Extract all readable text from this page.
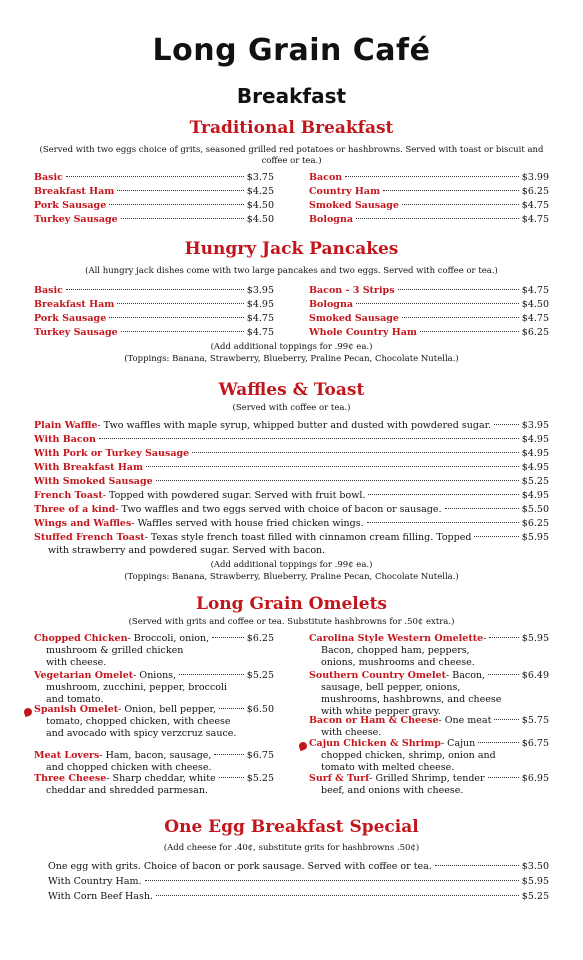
Long Grain Café
Breakfast
Traditional Breakfast
(Served with two eggs choice of grits, seasoned grilled red potatoes or hashbrowns. Served with toast or biscuit and coffee or tea.)
Basic	$3.75
Breakfast Ham	$4.25
Pork Sausage	$4.50
Turkey Sausage	$4.50
Bacon	$3.99
Country Ham	$6.25
Smoked Sausage	$4.75
Bologna	$4.75
Hungry Jack Pancakes
(All hungry jack dishes come with two large pancakes and two eggs. Served with coffee or tea.)
Basic	$3.95
Breakfast Ham	$4.95
Pork Sausage	$4.75
Turkey Sausage	$4.75
Bacon - 3 Strips	$4.75
Bologna	$4.50
Smoked Sausage	$4.75
Whole Country Ham	$6.25
(Add additional toppings for .99¢ ea.)
(Toppings: Banana, Strawberry, Blueberry, Praline Pecan, Chocolate Nutella.)
Waffles & Toast
(Served with coffee or tea.)
Plain Waffle - Two waffles with maple syrup, whipped butter and dusted with powdered sugar.	$3.95
With Bacon	$4.95
With Pork or Turkey Sausage	$4.95
With Breakfast Ham	$4.95
With Smoked Sausage	$5.25
French Toast - Topped with powdered sugar. Served with fruit bowl.	$4.95
Three of a kind - Two waffles and two eggs served with choice of bacon or sausage.	$5.50
Wings and Waffles - Waffles served with house fried chicken wings.	$6.25
Stuffed French Toast - Texas style french toast filled with cinnamon cream filling. Topped	$5.95
with strawberry and powdered sugar. Served with bacon.
(Add additional toppings for .99¢ ea.)
(Toppings: Banana, Strawberry, Blueberry, Praline Pecan, Chocolate Nutella.)
Long Grain Omelets
(Served with grits and coffee or tea. Substitute hashbrowns for .50¢ extra.)
Chopped Chicken - Broccoli, onion,	$6.25
mushroom & grilled chicken with cheese.
Vegetarian Omelet - Onions,	$5.25
mushroom, zucchini, pepper, broccoli and tomato.
Spanish Omelet - Onion, bell pepper,	$6.50
tomato, chopped chicken, with cheese and avocado with spicy verzcruz sauce.
Meat Lovers - Ham, bacon, sausage,	$6.75
and chopped chicken with cheese.
Three Cheese - Sharp cheddar, white	$5.25
cheddar and shredded parmesan.
Carolina Style Western Omelette -	$5.95
Bacon, chopped ham, peppers, onions, mushrooms and cheese.
Southern Country Omelet - Bacon,	$6.49
sausage, bell pepper, onions, mushrooms, hashbrowns, and cheese with white pepper gravy.
Bacon or Ham & Cheese - One meat	$5.75
with cheese.
Cajun Chicken & Shrimp - Cajun	$6.75
chopped chicken, shrimp, onion and tomato with melted cheese.
Surf & Turf - Grilled Shrimp, tender	$6.95
beef, and onions with cheese.
One Egg Breakfast Special
(Add cheese for .40¢, substitute grits for hashbrowns .50¢)
One egg with grits. Choice of bacon or pork sausage. Served with coffee or tea.	$3.50
With Country Ham.	$5.95
With Corn Beef Hash.	$5.25
